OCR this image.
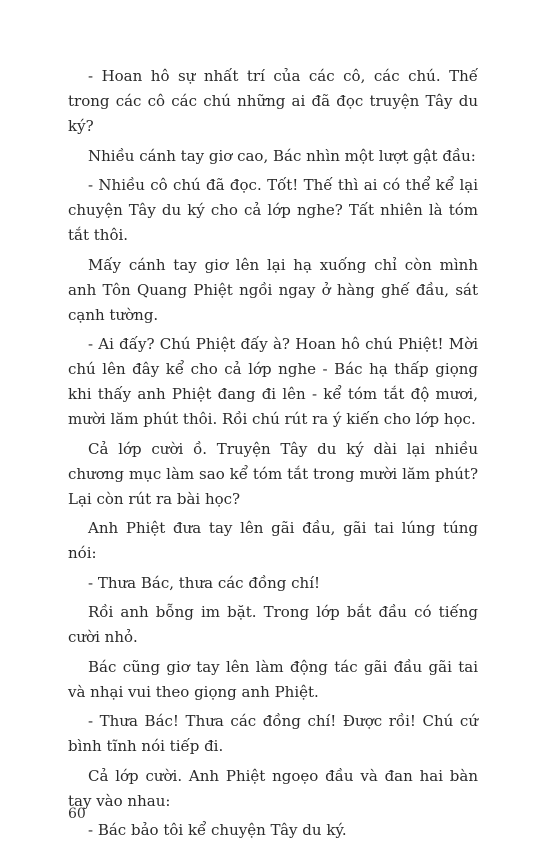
- Hoan hô sự nhất trí của các cô, các chú. Thế trong các cô các chú những ai đã đọc truyện Tây du ký?

Nhiều cánh tay giơ cao, Bác nhìn một lượt gật đầu:

- Nhiều cô chú đã đọc. Tốt! Thế thì ai có thể kể lại chuyện Tây du ký cho cả lớp nghe? Tất nhiên là tóm tắt thôi.

Mấy cánh tay giơ lên lại hạ xuống chỉ còn mình anh Tôn Quang Phiệt ngồi ngay ở hàng ghế đầu, sát cạnh tường.

- Ai đấy? Chú Phiệt đấy à? Hoan hô chú Phiệt! Mời chú lên đây kể cho cả lớp nghe - Bác hạ thấp giọng khi thấy anh Phiệt đang đi lên - kể tóm tắt độ mươi, mười lăm phút thôi. Rồi chú rút ra ý kiến cho lớp học.

Cả lớp cười ồ. Truyện Tây du ký dài lại nhiều chương mục làm sao kể tóm tắt trong mười lăm phút? Lại còn rút ra bài học?

Anh Phiệt đưa tay lên gãi đầu, gãi tai lúng túng nói:

- Thưa Bác, thưa các đồng chí!

Rồi anh bỗng im bặt. Trong lớp bắt đầu có tiếng cười nhỏ.

Bác cũng giơ tay lên làm động tác gãi đầu gãi tai và nhại vui theo giọng anh Phiệt.

- Thưa Bác! Thưa các đồng chí! Được rồi! Chú cứ bình tĩnh nói tiếp đi.

Cả lớp cười. Anh Phiệt ngoẹo đầu và đan hai bàn tay vào nhau:

- Bác bảo tôi kể chuyện Tây du ký.

60
